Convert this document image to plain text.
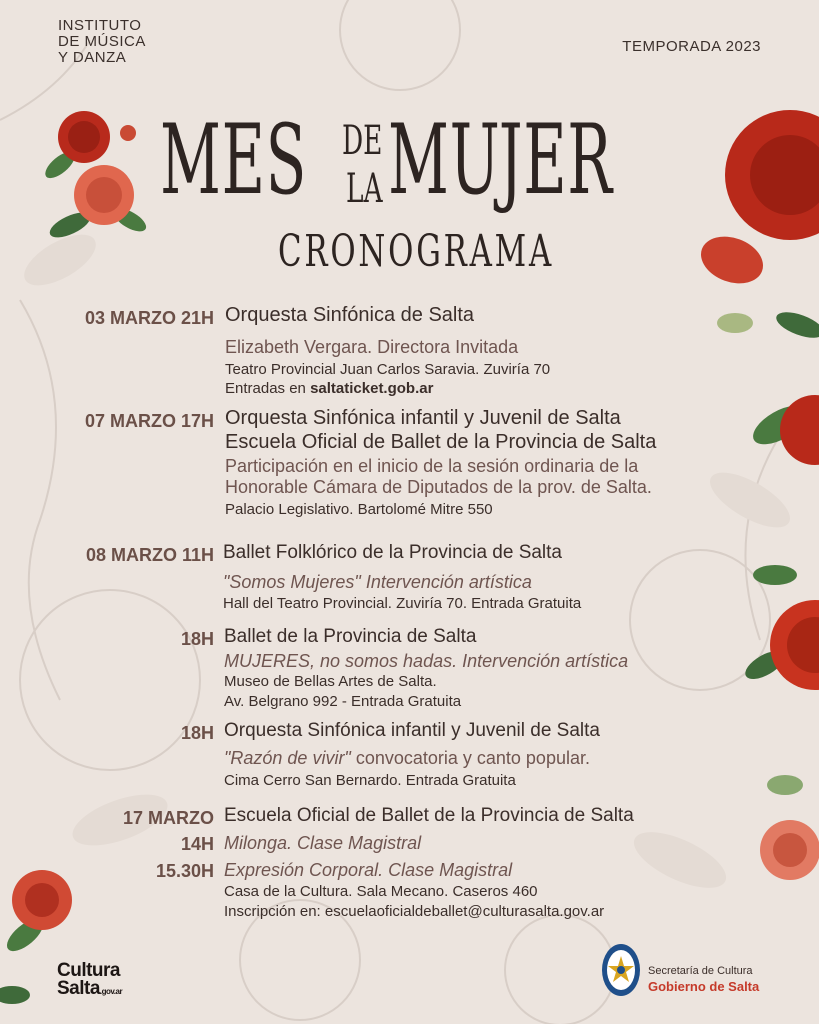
INSTITUTO
DE MÚSICA
Y DANZA
TEMPORADA 2023
MES DE
LA MUJER
CRONOGRAMA
03 MARZO 21H Orquesta Sinfónica de Salta
Elizabeth Vergara. Directora Invitada
Teatro Provincial Juan Carlos Saravia. Zuviría 70
Entradas en saltaticket.gob.ar
07 MARZO 17H Orquesta Sinfónica infantil y Juvenil de Salta
Escuela Oficial de Ballet de la Provincia de Salta
Participación en el inicio de la sesión ordinaria de la
Honorable Cámara de Diputados de la prov. de Salta.
Palacio Legislativo. Bartolomé Mitre 550
08 MARZO 11H Ballet Folklórico de la Provincia de Salta
"Somos Mujeres" Intervención artística
Hall del Teatro Provincial. Zuviría 70. Entrada Gratuita
18H Ballet de la Provincia de Salta
MUJERES, no somos hadas. Intervención artística
Museo de Bellas Artes de Salta.
Av. Belgrano 992 - Entrada Gratuita
18H Orquesta Sinfónica infantil y Juvenil de Salta
"Razón de vivir" convocatoria y canto popular.
Cima Cerro San Bernardo. Entrada Gratuita
17 MARZO Escuela Oficial de Ballet de la Provincia de Salta
14H Milonga. Clase Magistral
15.30H Expresión Corporal. Clase Magistral
Casa de la Cultura. Sala Mecano. Caseros 460
Inscripción en: escuelaoficialdeballet@culturasalta.gov.ar
Cultura
Salta.gov.ar
Secretaría de Cultura
Gobierno de Salta
